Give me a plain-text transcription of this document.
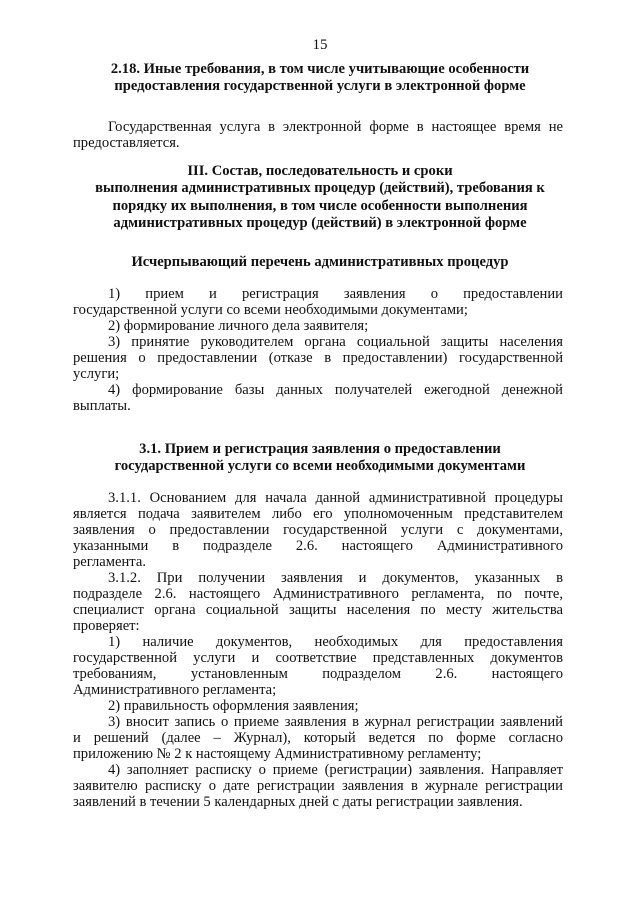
15
2.18. Иные требования, в том числе учитывающие особенности
предоставления государственной услуги в электронной форме
Государственная услуга в электронной форме в настоящее время не
предоставляется.
III. Состав, последовательность и сроки
выполнения административных процедур (действий), требования к
порядку их выполнения, в том числе особенности выполнения
административных процедур (действий) в электронной форме
Исчерпывающий перечень административных процедур
1) прием и регистрация заявления о предоставлении
государственной услуги со всеми необходимыми документами;
2) формирование личного дела заявителя;
3) принятие руководителем органа социальной защиты населения
решения о предоставлении (отказе в предоставлении) государственной
услуги;
4) формирование базы данных получателей ежегодной денежной
выплаты.
3.1. Прием и регистрация заявления о предоставлении
государственной услуги со всеми необходимыми документами
3.1.1. Основанием для начала данной административной процедуры
является подача заявителем либо его уполномоченным представителем
заявления о предоставлении государственной услуги с документами,
указанными в подразделе 2.6. настоящего Административного
регламента.
3.1.2. При получении заявления и документов, указанных в
подразделе 2.6. настоящего Административного регламента, по почте,
специалист органа социальной защиты населения по месту жительства
проверяет:
1) наличие документов, необходимых для предоставления
государственной услуги и соответствие представленных документов
требованиям, установленным подразделом 2.6. настоящего
Административного регламента;
2) правильность оформления заявления;
3) вносит запись о приеме заявления в журнал регистрации заявлений
и решений (далее – Журнал), который ведется по форме согласно
приложению № 2 к настоящему Административному регламенту;
4) заполняет расписку о приеме (регистрации) заявления. Направляет
заявителю расписку о дате регистрации заявления в журнале регистрации
заявлений в течении 5 календарных дней с даты регистрации заявления.
